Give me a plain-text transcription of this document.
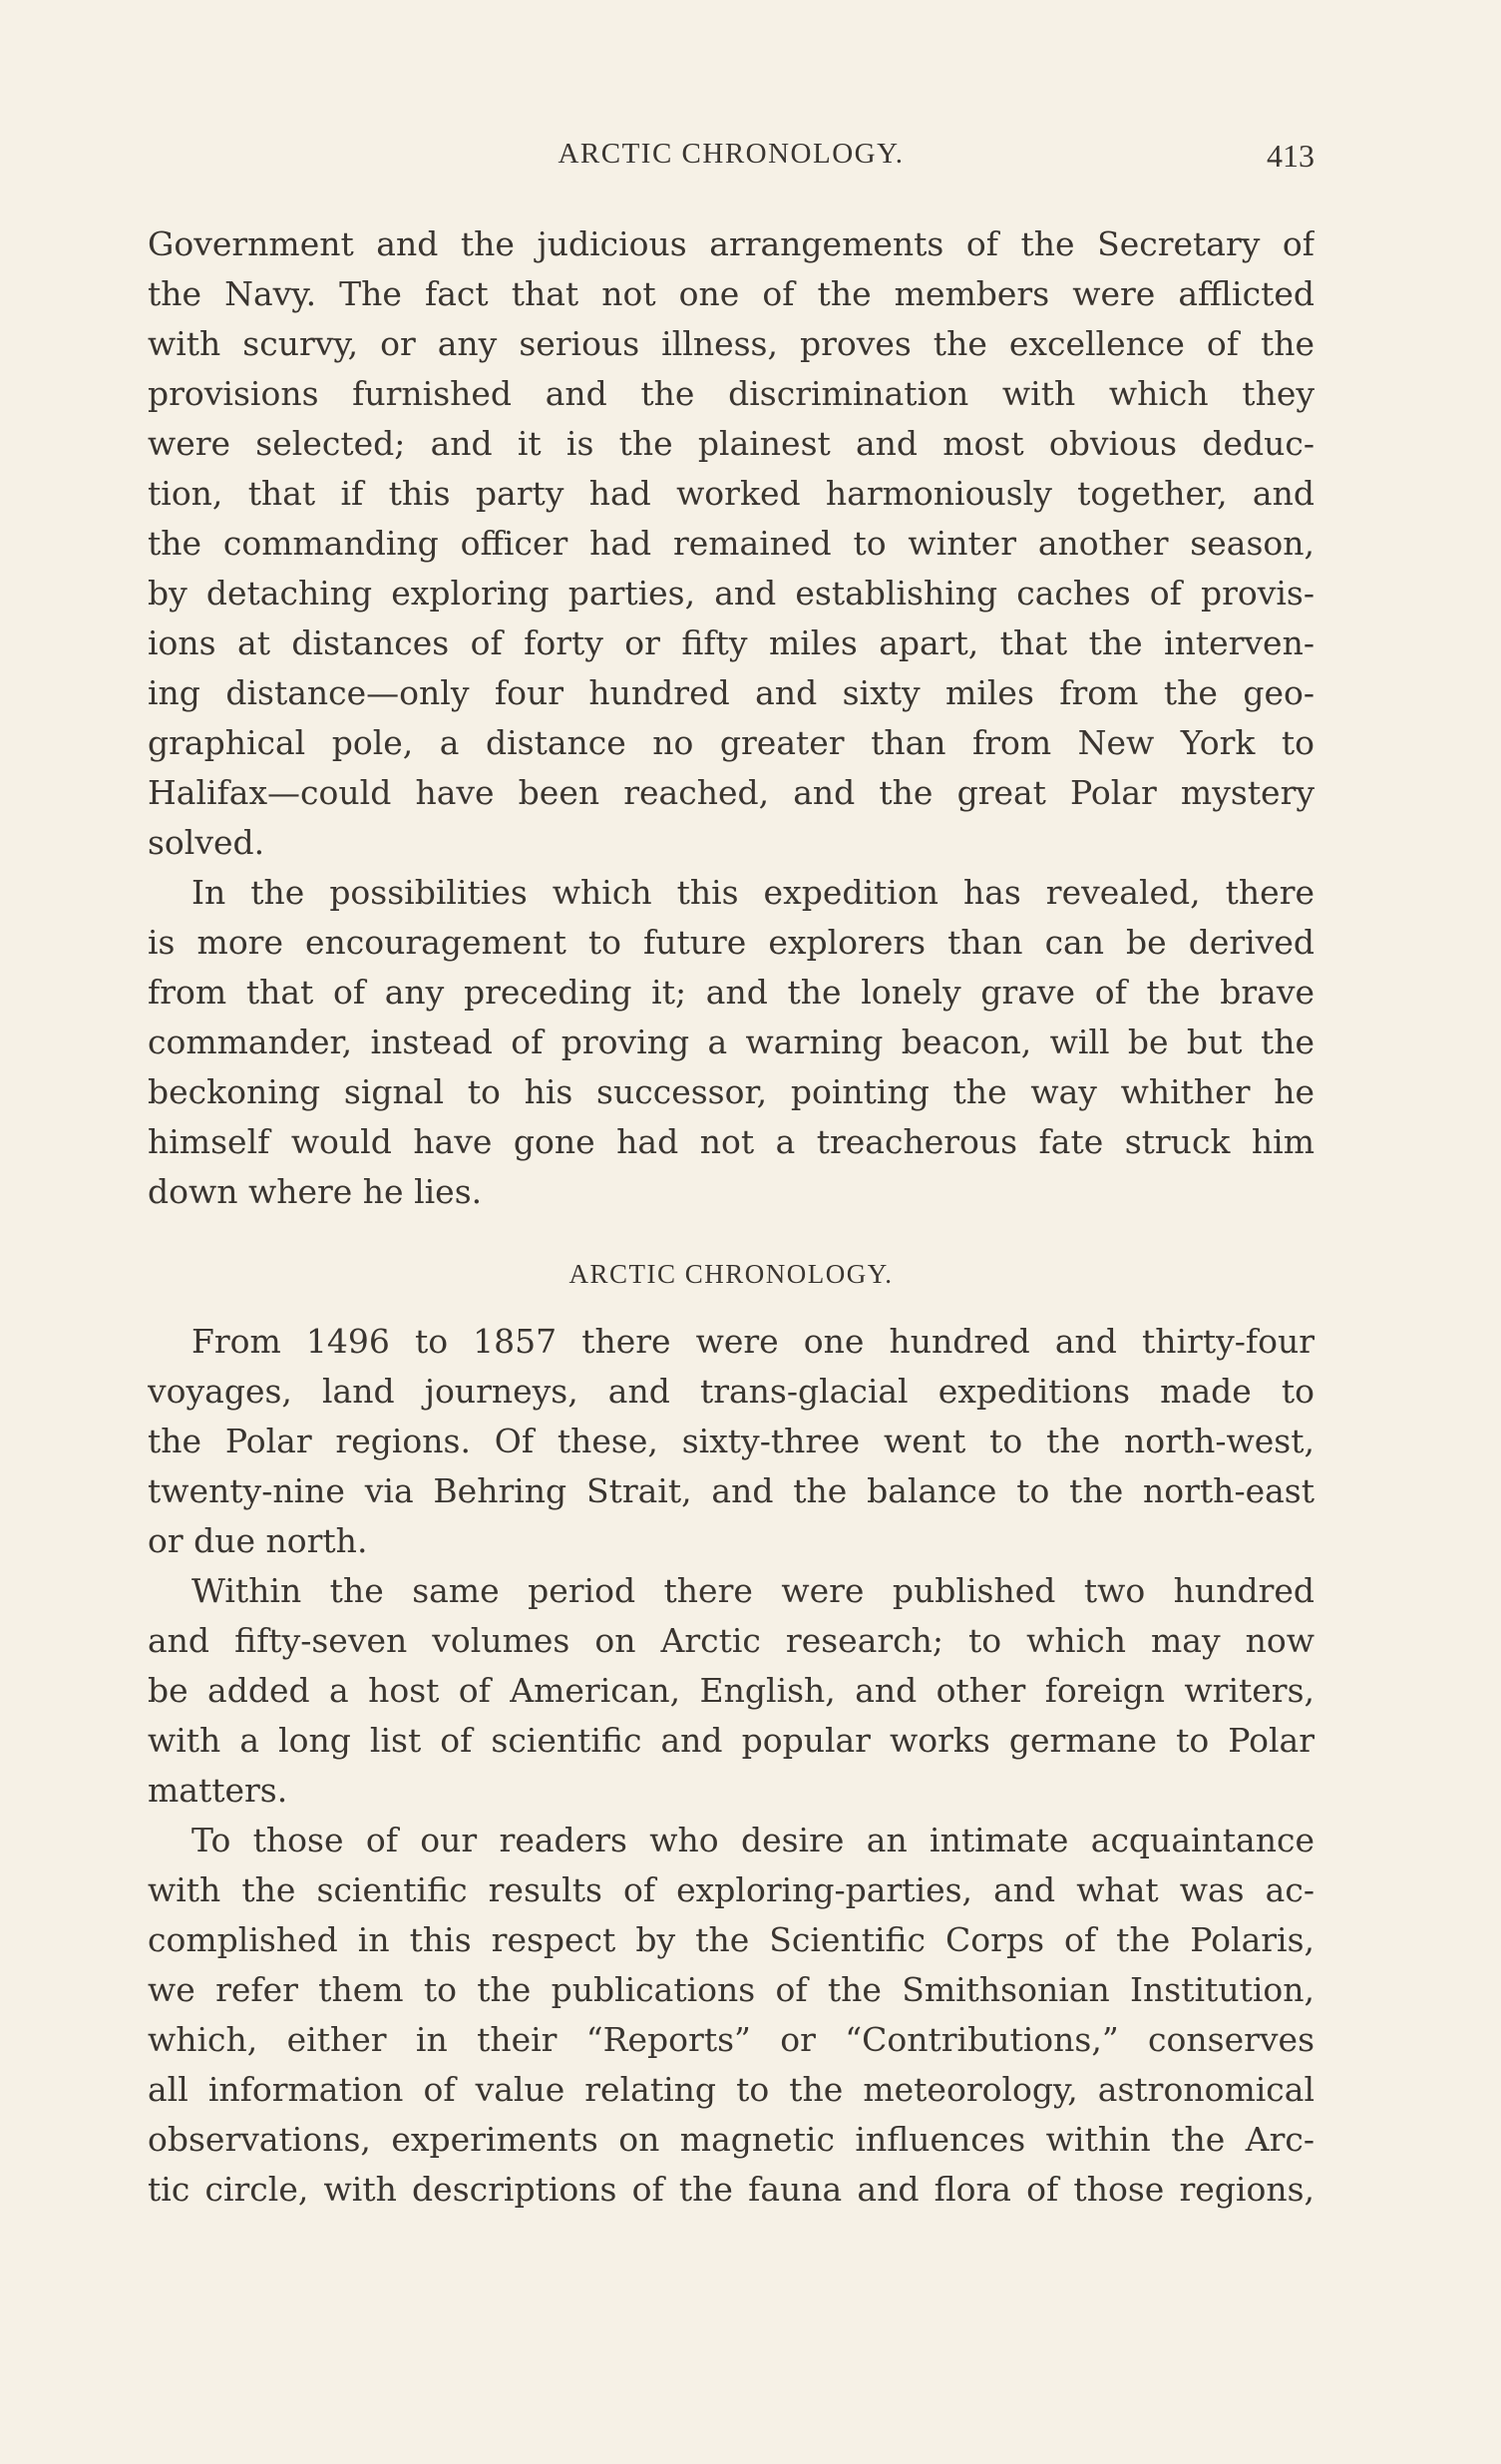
ARCTIC CHRONOLOGY.	413
Government and the judicious arrangements of the Secretary of
the Navy. The fact that not one of the members were afflicted
with scurvy, or any serious illness, proves the excellence of the
provisions furnished and the discrimination with which they
were selected; and it is the plainest and most obvious deduc-
tion, that if this party had worked harmoniously together, and
the commanding officer had remained to winter another season,
by detaching exploring parties, and establishing caches of provis-
ions at distances of forty or fifty miles apart, that the interven-
ing distance—only four hundred and sixty miles from the geo-
graphical pole, a distance no greater than from New York to
Halifax—could have been reached, and the great Polar mystery
solved.
In the possibilities which this expedition has revealed, there
is more encouragement to future explorers than can be derived
from that of any preceding it; and the lonely grave of the brave
commander, instead of proving a warning beacon, will be but the
beckoning signal to his successor, pointing the way whither he
himself would have gone had not a treacherous fate struck him
down where he lies.
ARCTIC CHRONOLOGY.
From 1496 to 1857 there were one hundred and thirty-four
voyages, land journeys, and trans-glacial expeditions made to
the Polar regions. Of these, sixty-three went to the north-west,
twenty-nine via Behring Strait, and the balance to the north-east
or due north.
Within the same period there were published two hundred
and fifty-seven volumes on Arctic research; to which may now
be added a host of American, English, and other foreign writers,
with a long list of scientific and popular works germane to Polar
matters.
To those of our readers who desire an intimate acquaintance
with the scientific results of exploring-parties, and what was ac-
complished in this respect by the Scientific Corps of the Polaris,
we refer them to the publications of the Smithsonian Institution,
which, either in their “Reports” or “Contributions,” conserves
all information of value relating to the meteorology, astronomical
observations, experiments on magnetic influences within the Arc-
tic circle, with descriptions of the fauna and flora of those regions,
